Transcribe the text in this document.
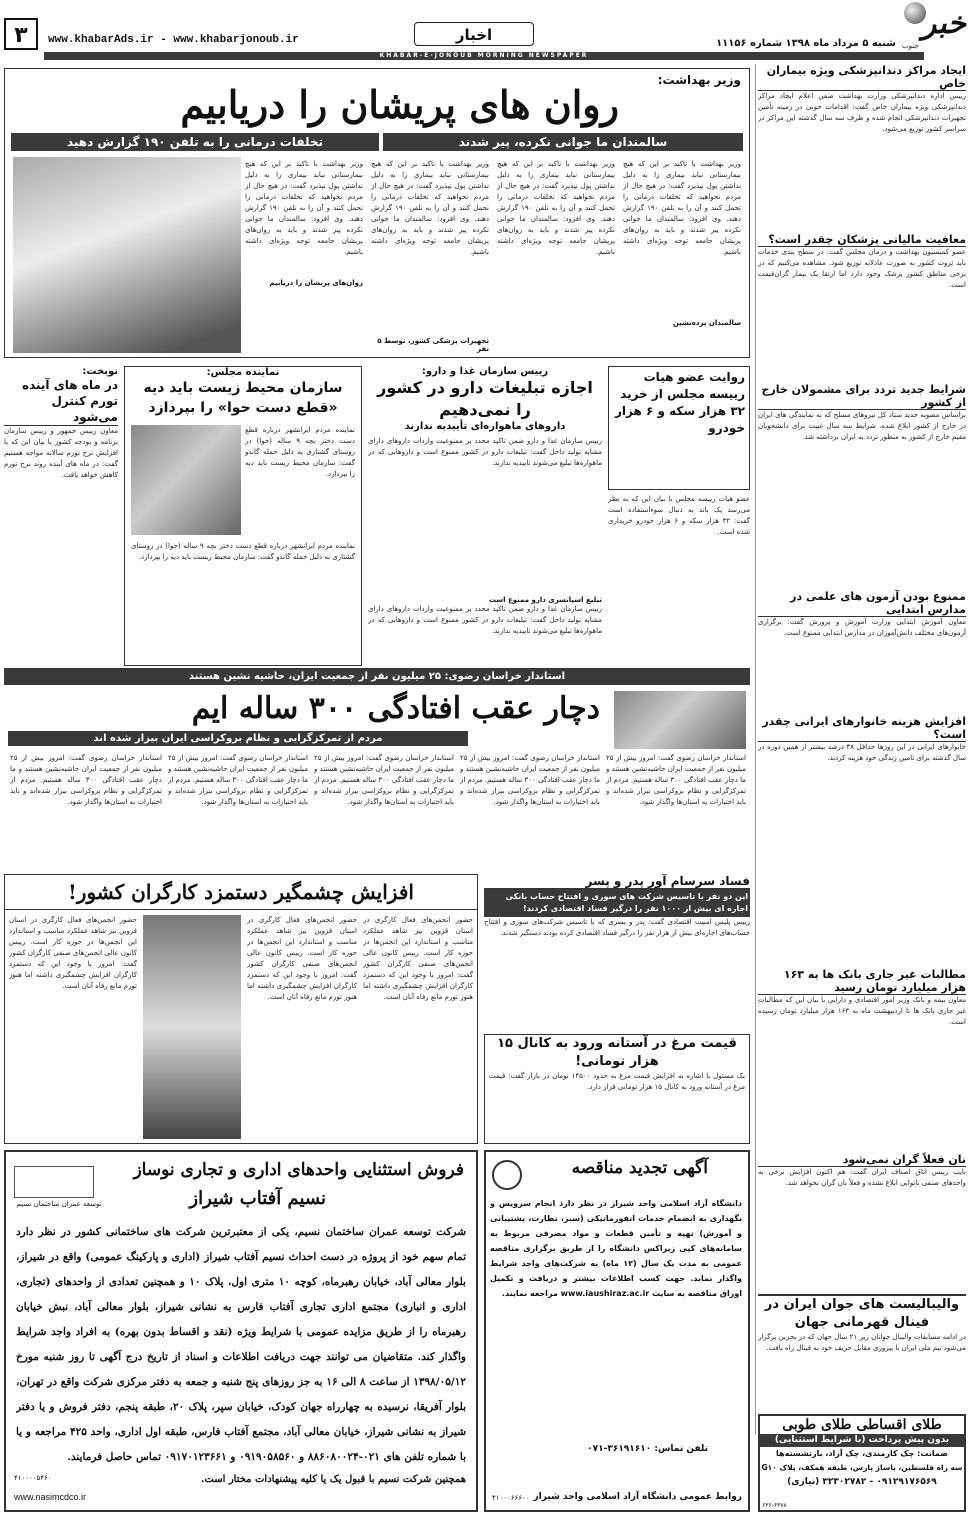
خبر
جنوب
شنبه ۵ مرداد ماه ۱۳۹۸ شماره ۱۱۱۵۶
اخبار
www.khabarAds.ir - www.khabarjonoub.ir
۳
KHABAR-E-JONOUB MORNING NEWSPAPER
ایجاد مراکز دندانپزشکی ویژه بیماران خاص
رییس اداره دندانپزشکی وزارت بهداشت ضمن اعلام ایجاد مراکز دندانپزشکی ویژه بیماران خاص گفت: اقدامات خوبی در زمینه تأمین تجهیزات دندانپزشکی انجام شده و ظرف سه سال گذشته این مراکز در سراسر کشور توزیع می‌شود.
معافیت مالیاتی پزشکان چقدر است؟
عضو کمیسیون بهداشت و درمان مجلس گفت: در سطح بندی خدمات باید ثروت کشور به صورت عادلانه توزیع شود. مشاهده می‌کنیم که در برخی مناطق کشور پزشک وجود دارد اما ارتقا یک بیمار گران‌قیمت است.
شرایط جدید تردد برای مشمولان خارج از کشور
براساس مصوبه جدید ستاد کل نیروهای مسلح که به نمایندگی های ایران در خارج از کشور ابلاغ شده، شرایط سه سال غیبت برای دانشجویان مقیم خارج از کشور به منظور تردد به ایران برداشته شد.
ممنوع بودن آزمون های علمی در مدارس ابتدایی
معاون آموزش ابتدایی وزارت آموزش و پرورش گفت: برگزاری آزمون‌های مختلف دانش‌آموزان در مدارس ابتدایی ممنوع است.
افزایش هزینه خانوارهای ایرانی چقدر است؟
خانوارهای ایرانی در این روزها حداقل ۴۸ درصد بیشتر از همین دوره در سال گذشته برای تامین زندگی خود هزینه کردند.
مطالبات غیر جاری بانک ها به ۱۶۳ هزار میلیارد تومان رسید
معاون بیمه و بانک وزیر امور اقتصادی و دارایی با بیان این که مطالبات غیر جاری بانک ها تا اردیبهشت ماه به ۱۶۳ هزار میلیارد تومان رسیده است.
نان فعلاً گران نمی‌شود
نایب رییس اتاق اصناف ایران گفت: هم اکنون افزایش نرخی به واحدهای صنفی نانوایی ابلاغ نشده و فعلاً نان گران نخواهد شد.
وزیر بهداشت:
روان های پریشان را دریابیم
سالمندان ما جوانی نکرده، پیر شدند
تخلفات درمانی را به تلفن ۱۹۰ گزارش دهید
وزیر بهداشت با تاکید بر این که هیچ بیمارستانی نباید بیماری را به دلیل نداشتن پول نپذیرد گفت: در هیچ حال از مردم نخواهید که تخلفات درمانی را تحمل کنند و آن را به تلفن ۱۹۰ گزارش دهند. وی افزود: سالمندان ما جوانی نکرده پیر شدند و باید به روان‌های پریشان جامعه توجه ویژه‌ای داشته باشیم.
سالمندان پرده‌نشین
وزیر بهداشت با تاکید بر این که هیچ بیمارستانی نباید بیماری را به دلیل نداشتن پول نپذیرد گفت: در هیچ حال از مردم نخواهید که تخلفات درمانی را تحمل کنند و آن را به تلفن ۱۹۰ گزارش دهند. وی افزود: سالمندان ما جوانی نکرده پیر شدند و باید به روان‌های پریشان جامعه توجه ویژه‌ای داشته باشیم.
وزیر بهداشت با تاکید بر این که هیچ بیمارستانی نباید بیماری را به دلیل نداشتن پول نپذیرد گفت: در هیچ حال از مردم نخواهید که تخلفات درمانی را تحمل کنند و آن را به تلفن ۱۹۰ گزارش دهند. وی افزود: سالمندان ما جوانی نکرده پیر شدند و باید به روان‌های پریشان جامعه توجه ویژه‌ای داشته باشیم.
تجهیزات پزشکی کشور، توسط ۵ نفر
وزیر بهداشت با تاکید بر این که هیچ بیمارستانی نباید بیماری را به دلیل نداشتن پول نپذیرد گفت: در هیچ حال از مردم نخواهید که تخلفات درمانی را تحمل کنند و آن را به تلفن ۱۹۰ گزارش دهند. وی افزود: سالمندان ما جوانی نکرده پیر شدند و باید به روان‌های پریشان جامعه توجه ویژه‌ای داشته باشیم.
روان‌های پریشان را دریابیم
روایت عضو هیات رییسه مجلس از خرید ۳۲ هزار سکه و ۶ هزار خودرو
عضو هیات رییسه مجلس با بیان این که به نظر می‌رسد یک باند به دنبال سوءاستفاده است گفت: ۳۲ هزار سکه و ۶ هزار خودرو خریداری شده است.
رییس سازمان غذا و دارو:
اجازه تبلیغات دارو در کشور را نمی‌دهیم
داروهای ماهواره‌ای تأییدیه ندارند
رییس سازمان غذا و دارو ضمن تاکید مجدد بر ممنوعیت واردات داروهای دارای مشابه تولید داخل گفت: تبلیغات دارو در کشور ممنوع است و داروهایی که در ماهواره‌ها تبلیغ می‌شوند تاییدیه ندارند.
تبلیغ اسپانسری دارو ممنوع است
رییس سازمان غذا و دارو ضمن تاکید مجدد بر ممنوعیت واردات داروهای دارای مشابه تولید داخل گفت: تبلیغات دارو در کشور ممنوع است و داروهایی که در ماهواره‌ها تبلیغ می‌شوند تاییدیه ندارند.
نماینده مجلس:
سازمان محیط زیست باید دیه «قطع دست حوا» را بپردازد
نماینده مردم ایرانشهر درباره قطع دست دختر بچه ۹ ساله (حوا) در روستای گشتاری به دلیل حمله گاندو گفت: سازمان محیط زیست باید دیه را بپردازد.
نماینده مردم ایرانشهر درباره قطع دست دختر بچه ۹ ساله (حوا) در روستای گشتاری به دلیل حمله گاندو گفت: سازمان محیط زیست باید دیه را بپردازد.
نوبخت:
در ماه های آینده تورم کنترل می‌شود
معاون رییس جمهور و رییس سازمان برنامه و بودجه کشور با بیان این که با افزایش نرخ تورم سالانه مواجه هستیم گفت: در ماه های آینده روند نرخ تورم کاهش خواهد یافت.
استاندار خراسان رضوی: ۲۵ میلیون نفر از جمعیت ایران، حاشیه نشین هستند
دچار عقب افتادگی ۳۰۰ ساله ایم
مردم از تمرکزگرایی و نظام بروکراسی ایران بیزار شده اند
استاندار خراسان رضوی گفت: امروز بیش از ۲۵ میلیون نفر از جمعیت ایران حاشیه‌نشین هستند و ما دچار عقب افتادگی ۳۰۰ ساله هستیم. مردم از تمرکزگرایی و نظام بروکراسی بیزار شده‌اند و باید اختیارات به استان‌ها واگذار شود.
استاندار خراسان رضوی گفت: امروز بیش از ۲۵ میلیون نفر از جمعیت ایران حاشیه‌نشین هستند و ما دچار عقب افتادگی ۳۰۰ ساله هستیم. مردم از تمرکزگرایی و نظام بروکراسی بیزار شده‌اند و باید اختیارات به استان‌ها واگذار شود.
استاندار خراسان رضوی گفت: امروز بیش از ۲۵ میلیون نفر از جمعیت ایران حاشیه‌نشین هستند و ما دچار عقب افتادگی ۳۰۰ ساله هستیم. مردم از تمرکزگرایی و نظام بروکراسی بیزار شده‌اند و باید اختیارات به استان‌ها واگذار شود.
استاندار خراسان رضوی گفت: امروز بیش از ۲۵ میلیون نفر از جمعیت ایران حاشیه‌نشین هستند و ما دچار عقب افتادگی ۳۰۰ ساله هستیم. مردم از تمرکزگرایی و نظام بروکراسی بیزار شده‌اند و باید اختیارات به استان‌ها واگذار شود.
استاندار خراسان رضوی گفت: امروز بیش از ۲۵ میلیون نفر از جمعیت ایران حاشیه‌نشین هستند و ما دچار عقب افتادگی ۳۰۰ ساله هستیم. مردم از تمرکزگرایی و نظام بروکراسی بیزار شده‌اند و باید اختیارات به استان‌ها واگذار شود.
افزایش چشمگیر دستمزد کارگران کشور!
حضور انجمن‌های فعال کارگری در استان قزوین نیز شاهد عملکرد مناسب و استاندارد این انجمن‌ها در حوزه کار است. رییس کانون عالی انجمن‌های صنفی کارگران کشور گفت: امروز با وجود این که دستمزد کارگران افزایش چشمگیری داشته اما هنوز تورم مانع رفاه آنان است.
حضور انجمن‌های فعال کارگری در استان قزوین نیز شاهد عملکرد مناسب و استاندارد این انجمن‌ها در حوزه کار است. رییس کانون عالی انجمن‌های صنفی کارگران کشور گفت: امروز با وجود این که دستمزد کارگران افزایش چشمگیری داشته اما هنوز تورم مانع رفاه آنان است.
حضور انجمن‌های فعال کارگری در استان قزوین نیز شاهد عملکرد مناسب و استاندارد این انجمن‌ها در حوزه کار است. رییس کانون عالی انجمن‌های صنفی کارگران کشور گفت: امروز با وجود این که دستمزد کارگران افزایش چشمگیری داشته اما هنوز تورم مانع رفاه آنان است.
فساد سرسام آور پدر و پسر
این دو نفر با تاسیس شرکت های سوری و افتتاح حساب بانکی اجاره ای بیش از ۱۰۰۰ نفر را درگیر فساد اقتصادی کردند!
رییس پلیس امنیت اقتصادی گفت: پدر و پسری که با تاسیس شرکت‌های سوری و افتتاح حساب‌های اجاره‌ای بیش از هزار نفر را درگیر فساد اقتصادی کرده بودند دستگیر شدند.
قیمت مرغ در آستانه ورود به کانال ۱۵ هزار تومانی!
یک مسئول با اشاره به افزایش قیمت مرغ به حدود ۱۴۵۰۰ تومان در بازار گفت: قیمت مرغ در آستانه ورود به کانال ۱۵ هزار تومانی قرار دارد.
توسعه عمران ساختمان نسیم
فروش استثنایی واحدهای اداری و تجاری نوساز
نسیم آفتاب شیراز
شرکت توسعه عمران ساختمان نسیم، یکی از معتبرترین شرکت های ساختمانی کشور در نظر دارد تمام سهم خود از پروژه در دست احداث نسیم آفتاب شیراز (اداری و پارکینگ عمومی) واقع در شیراز، بلوار معالی آباد، خیابان رهبرماه، کوچه ۱۰ متری اول، پلاک ۱۰ و همچنین تعدادی از واحدهای (تجاری، اداری و انباری) مجتمع اداری تجاری آفتاب فارس به نشانی شیراز، بلوار معالی آباد، نبش خیابان رهبرماه را از طریق مزایده عمومی با شرایط ویژه (نقد و اقساط بدون بهره) به افراد واجد شرایط واگذار کند. متقاضیان می توانند جهت دریافت اطلاعات و اسناد از تاریخ درج آگهی تا روز شنبه مورخ ۱۳۹۸/۰۵/۱۲ از ساعت ۸ الی ۱۶ به جز روزهای پنج شنبه و جمعه به دفتر مرکزی شرکت واقع در تهران، بلوار آفریقا، نرسیده به چهارراه جهان کودک، خیابان سپر، پلاک ۲۰، طبقه پنجم، دفتر فروش و یا دفتر شیراز به نشانی شیراز، خیابان معالی آباد، مجتمع آفتاب فارس، طبقه اول اداری، واحد ۴۲۵ مراجعه و یا با شماره تلفن های ۰۲۱-۸۸۶۰۸۰۰۲۴ و ۰۹۱۹۰۵۸۵۶۰ و ۰۹۱۷۰۱۲۳۶۶۱ تماس حاصل فرمایند.
همچنین شرکت نسیم با قبول یک یا کلیه پیشنهادات مختار است.
www.nasimcdco.ir
۴۱۰۰۰۰۵۴۶۰
آگهی تجدید مناقصه
دانشگاه آزاد اسلامی واحد شیراز در نظر دارد انجام سرویس و نگهداری به انضمام خدمات انفورماتیکی (سبز، نظارت، پشتیبانی و آموزش) تهیه و تأمین قطعات و مواد مصرفی مربوط به سامانه‌های کپی زیراکس دانشگاه را از طریق برگزاری مناقصه عمومی به مدت یک سال (۱۲ ماه) به شرکت‌های واجد شرایط واگذار نماید. جهت کسب اطلاعات بیشتر و دریافت و تکمیل اوراق مناقصه به سایت www.iaushiraz.ac.ir مراجعه نمایند.
تلفن تماس: ۳۶۱۹۱۶۱۰-۰۷۱
روابط عمومی دانشگاه آزاد اسلامی واحد شیراز
۴۱۰۰۰۶۶۶۰۰
والیبالیست های جوان ایران در فینال قهرمانی جهان
در ادامه مسابقات والیبال جوانان زیر ۲۱ سال جهان که در بحرین برگزار می‌شود تیم ملی ایران با پیروزی مقابل حریف خود به فینال راه یافت.
طلای اقساطی طلای طوبی
بدون پیش پرداخت (با شرایط استثنایی)
ضمانت: چک کارمندی، چک آزاد، بازنشسته‌ها
سه راه فلسطین، پاساژ پارس، طبقه همکف، پلاک G۱۰
۰۹۱۲۹۱۷۶۵۶۹ - ۳۲۳۰۲۷۸۲ (نیازی)
۶۳۶-۶۳۷۸
